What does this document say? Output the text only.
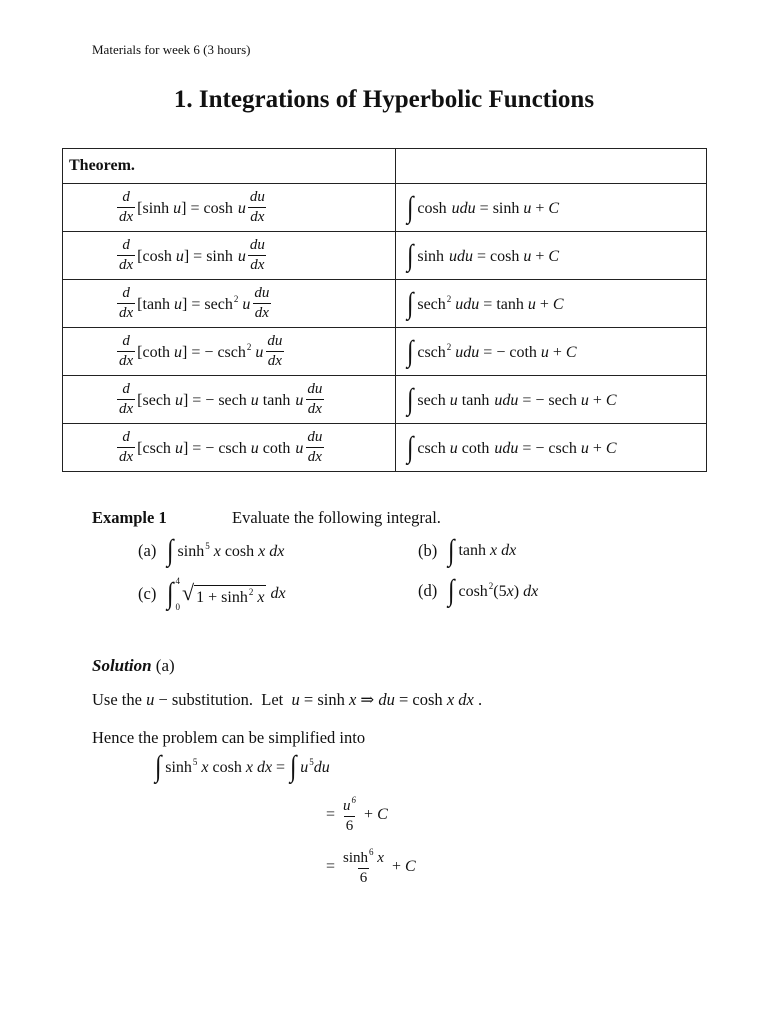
Materials for week 6 (3 hours)
1. Integrations of Hyperbolic Functions
Theorem.	

$\frac{d}{dx} [\sinh$ u] = cosh u $\frac{du}{dx}$	∫ cosh udu = sinh u + C

$\frac{d}{dx} [\cosh$ u] = sinh u $\frac{du}{dx}$	∫ sinh udu = cosh u + C

$\frac{d}{dx} [\tanh$ u] = sech$^2$ u $\frac{du}{dx}$	∫ sech$^2$ udu = tanh u + C

$\frac{d}{dx} [\cot h$ u] = − csch$^2$ u $\frac{du}{dx}$	∫ csch$^2$ udu = − coth u + C

$\frac{d}{dx} [\sec h$ u] = − sech u tanh u $\frac{du}{dx}$	∫ sech u tanh udu = − sech u + C

$\frac{d}{dx} [\csc h$ u] = − csch u coth u $\frac{du}{dx}$	∫ csch u coth udu = − csch u + C
Example 1	Evaluate the following integral.
(a) ∫ $\sinh^5 x$ cosh x dx	(b) ∫ tanh x dx
(c) ∫ 4
0
√ $1 + \sinh^2 x$ dx	(d) ∫ $\cosh^2(5x)$ dx
Solution (a)
Use the u − substitution.  Let u = sinh x ⇒ du = cosh x dx .
Hence the problem can be simplified into
∫ $\sinh^5 x$ cosh x dx = ∫ $u^5du$
= $\frac{u^6}{6} + C$
= $\frac{\sinh^6 x}{6} + C$
